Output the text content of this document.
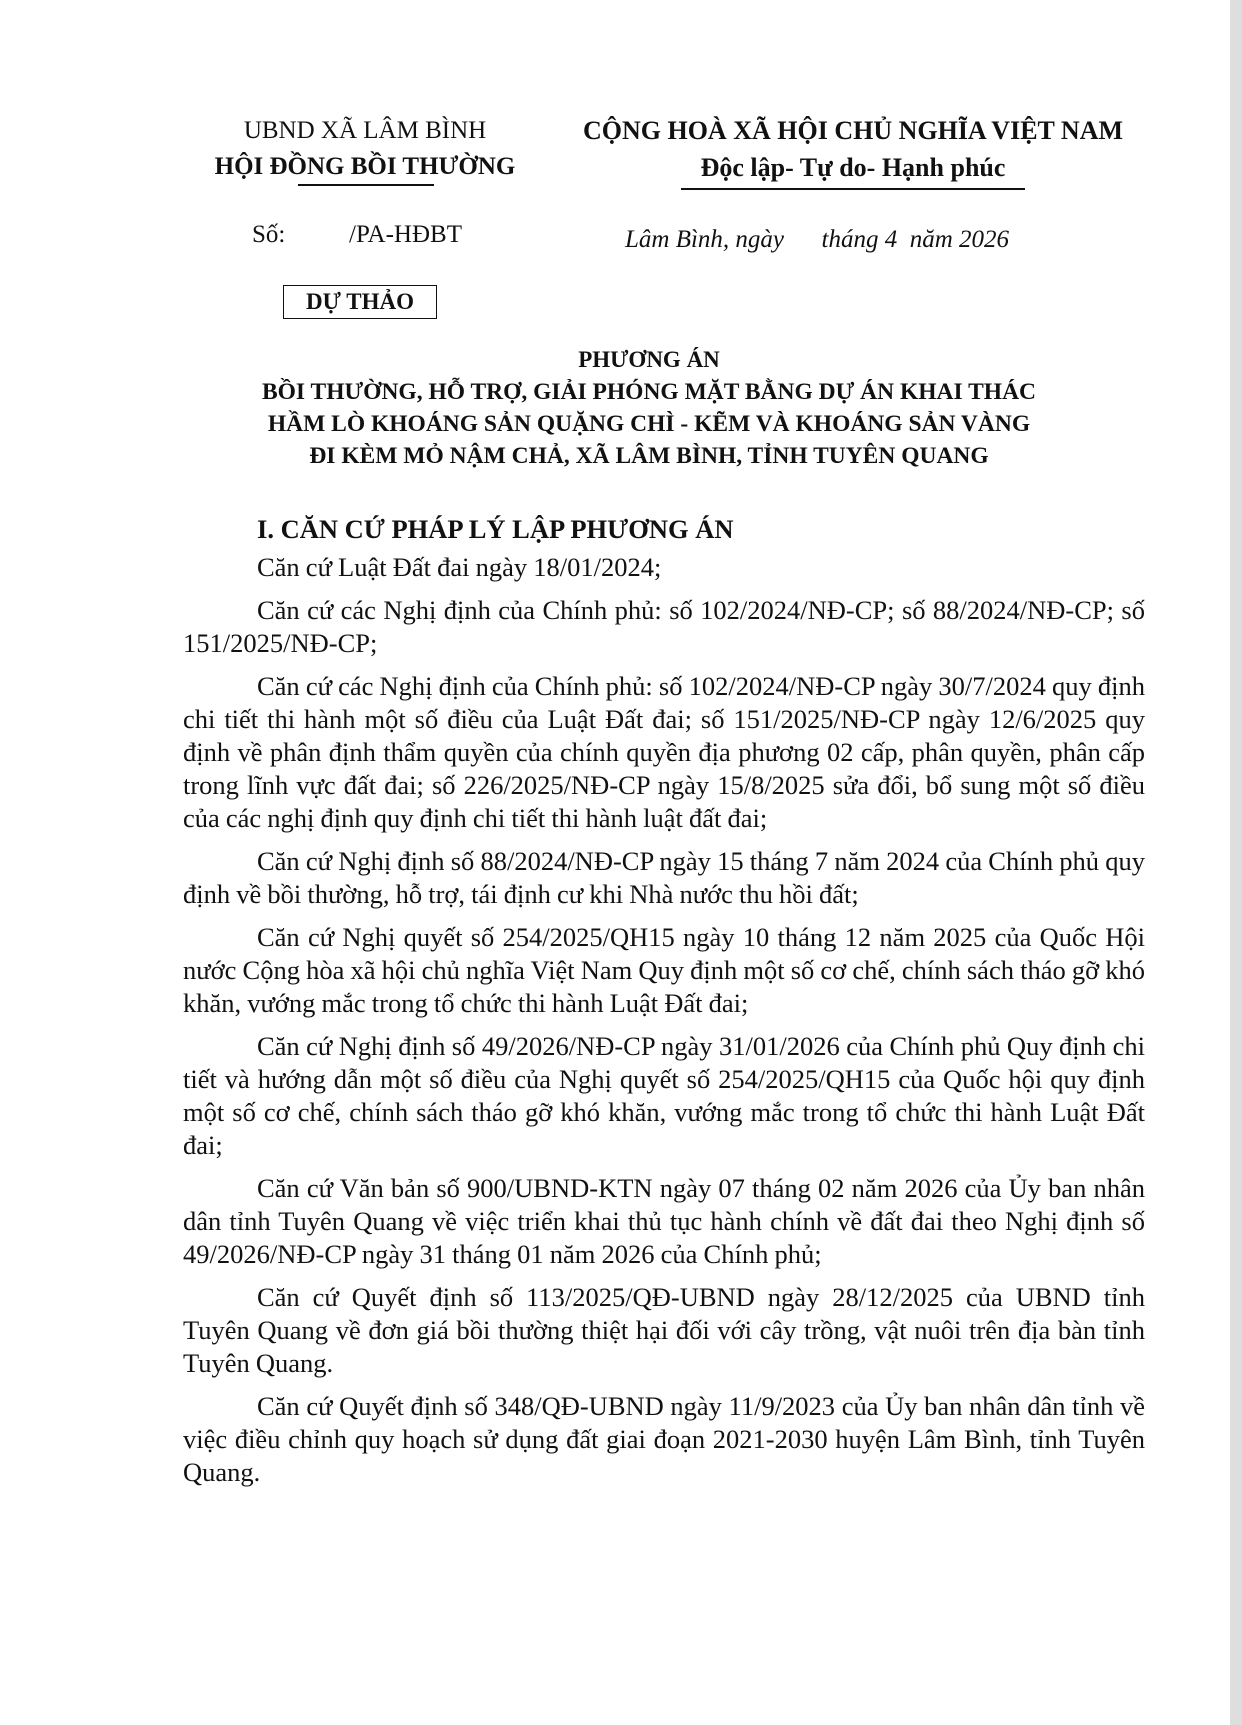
UBND XÃ LÂM BÌNH
HỘI ĐỒNG BỒI THƯỜNG
CỘNG HOÀ XÃ HỘI CHỦ NGHĨA VIỆT NAM
Độc lập- Tự do- Hạnh phúc
Số:	/PA-HĐBT	Lâm Bình, ngày      tháng 4  năm 2026
DỰ THẢO
PHƯƠNG ÁN
BỒI THƯỜNG, HỖ TRỢ, GIẢI PHÓNG MẶT BẰNG DỰ ÁN KHAI THÁC
HẦM LÒ KHOÁNG SẢN QUẶNG CHÌ - KẼM VÀ KHOÁNG SẢN VÀNG
ĐI KÈM MỎ NẬM CHẢ, XÃ LÂM BÌNH, TỈNH TUYÊN QUANG
I. CĂN CỨ PHÁP LÝ LẬP PHƯƠNG ÁN

Căn cứ Luật Đất đai ngày 18/01/2024;

Căn cứ các Nghị định của Chính phủ: số 102/2024/NĐ-CP; số 88/2024/NĐ-CP; số 151/2025/NĐ-CP;

Căn cứ các Nghị định của Chính phủ: số 102/2024/NĐ-CP ngày 30/7/2024 quy định chi tiết thi hành một số điều của Luật Đất đai; số 151/2025/NĐ-CP ngày 12/6/2025 quy định về phân định thẩm quyền của chính quyền địa phương 02 cấp, phân quyền, phân cấp trong lĩnh vực đất đai; số 226/2025/NĐ-CP ngày 15/8/2025 sửa đổi, bổ sung một số điều của các nghị định quy định chi tiết thi hành luật đất đai;

Căn cứ Nghị định số 88/2024/NĐ-CP ngày 15 tháng 7 năm 2024 của Chính phủ quy định về bồi thường, hỗ trợ, tái định cư khi Nhà nước thu hồi đất;

Căn cứ Nghị quyết số 254/2025/QH15 ngày 10 tháng 12 năm 2025 của Quốc Hội nước Cộng hòa xã hội chủ nghĩa Việt Nam Quy định một số cơ chế, chính sách tháo gỡ khó khăn, vướng mắc trong tổ chức thi hành Luật Đất đai;

Căn cứ Nghị định số 49/2026/NĐ-CP ngày 31/01/2026 của Chính phủ Quy định chi tiết và hướng dẫn một số điều của Nghị quyết số 254/2025/QH15 của Quốc hội quy định một số cơ chế, chính sách tháo gỡ khó khăn, vướng mắc trong tổ chức thi hành Luật Đất đai;

Căn cứ Văn bản số 900/UBND-KTN ngày 07 tháng 02 năm 2026 của Ủy ban nhân dân tỉnh Tuyên Quang về việc triển khai thủ tục hành chính về đất đai theo Nghị định số 49/2026/NĐ-CP ngày 31 tháng 01 năm 2026 của Chính phủ;

Căn cứ Quyết định số 113/2025/QĐ-UBND ngày 28/12/2025 của UBND tỉnh Tuyên Quang về đơn giá bồi thường thiệt hại đối với cây trồng, vật nuôi trên địa bàn tỉnh Tuyên Quang.

Căn cứ Quyết định số 348/QĐ-UBND ngày 11/9/2023 của Ủy ban nhân dân tỉnh về việc điều chỉnh quy hoạch sử dụng đất giai đoạn 2021-2030 huyện Lâm Bình, tỉnh Tuyên Quang.
